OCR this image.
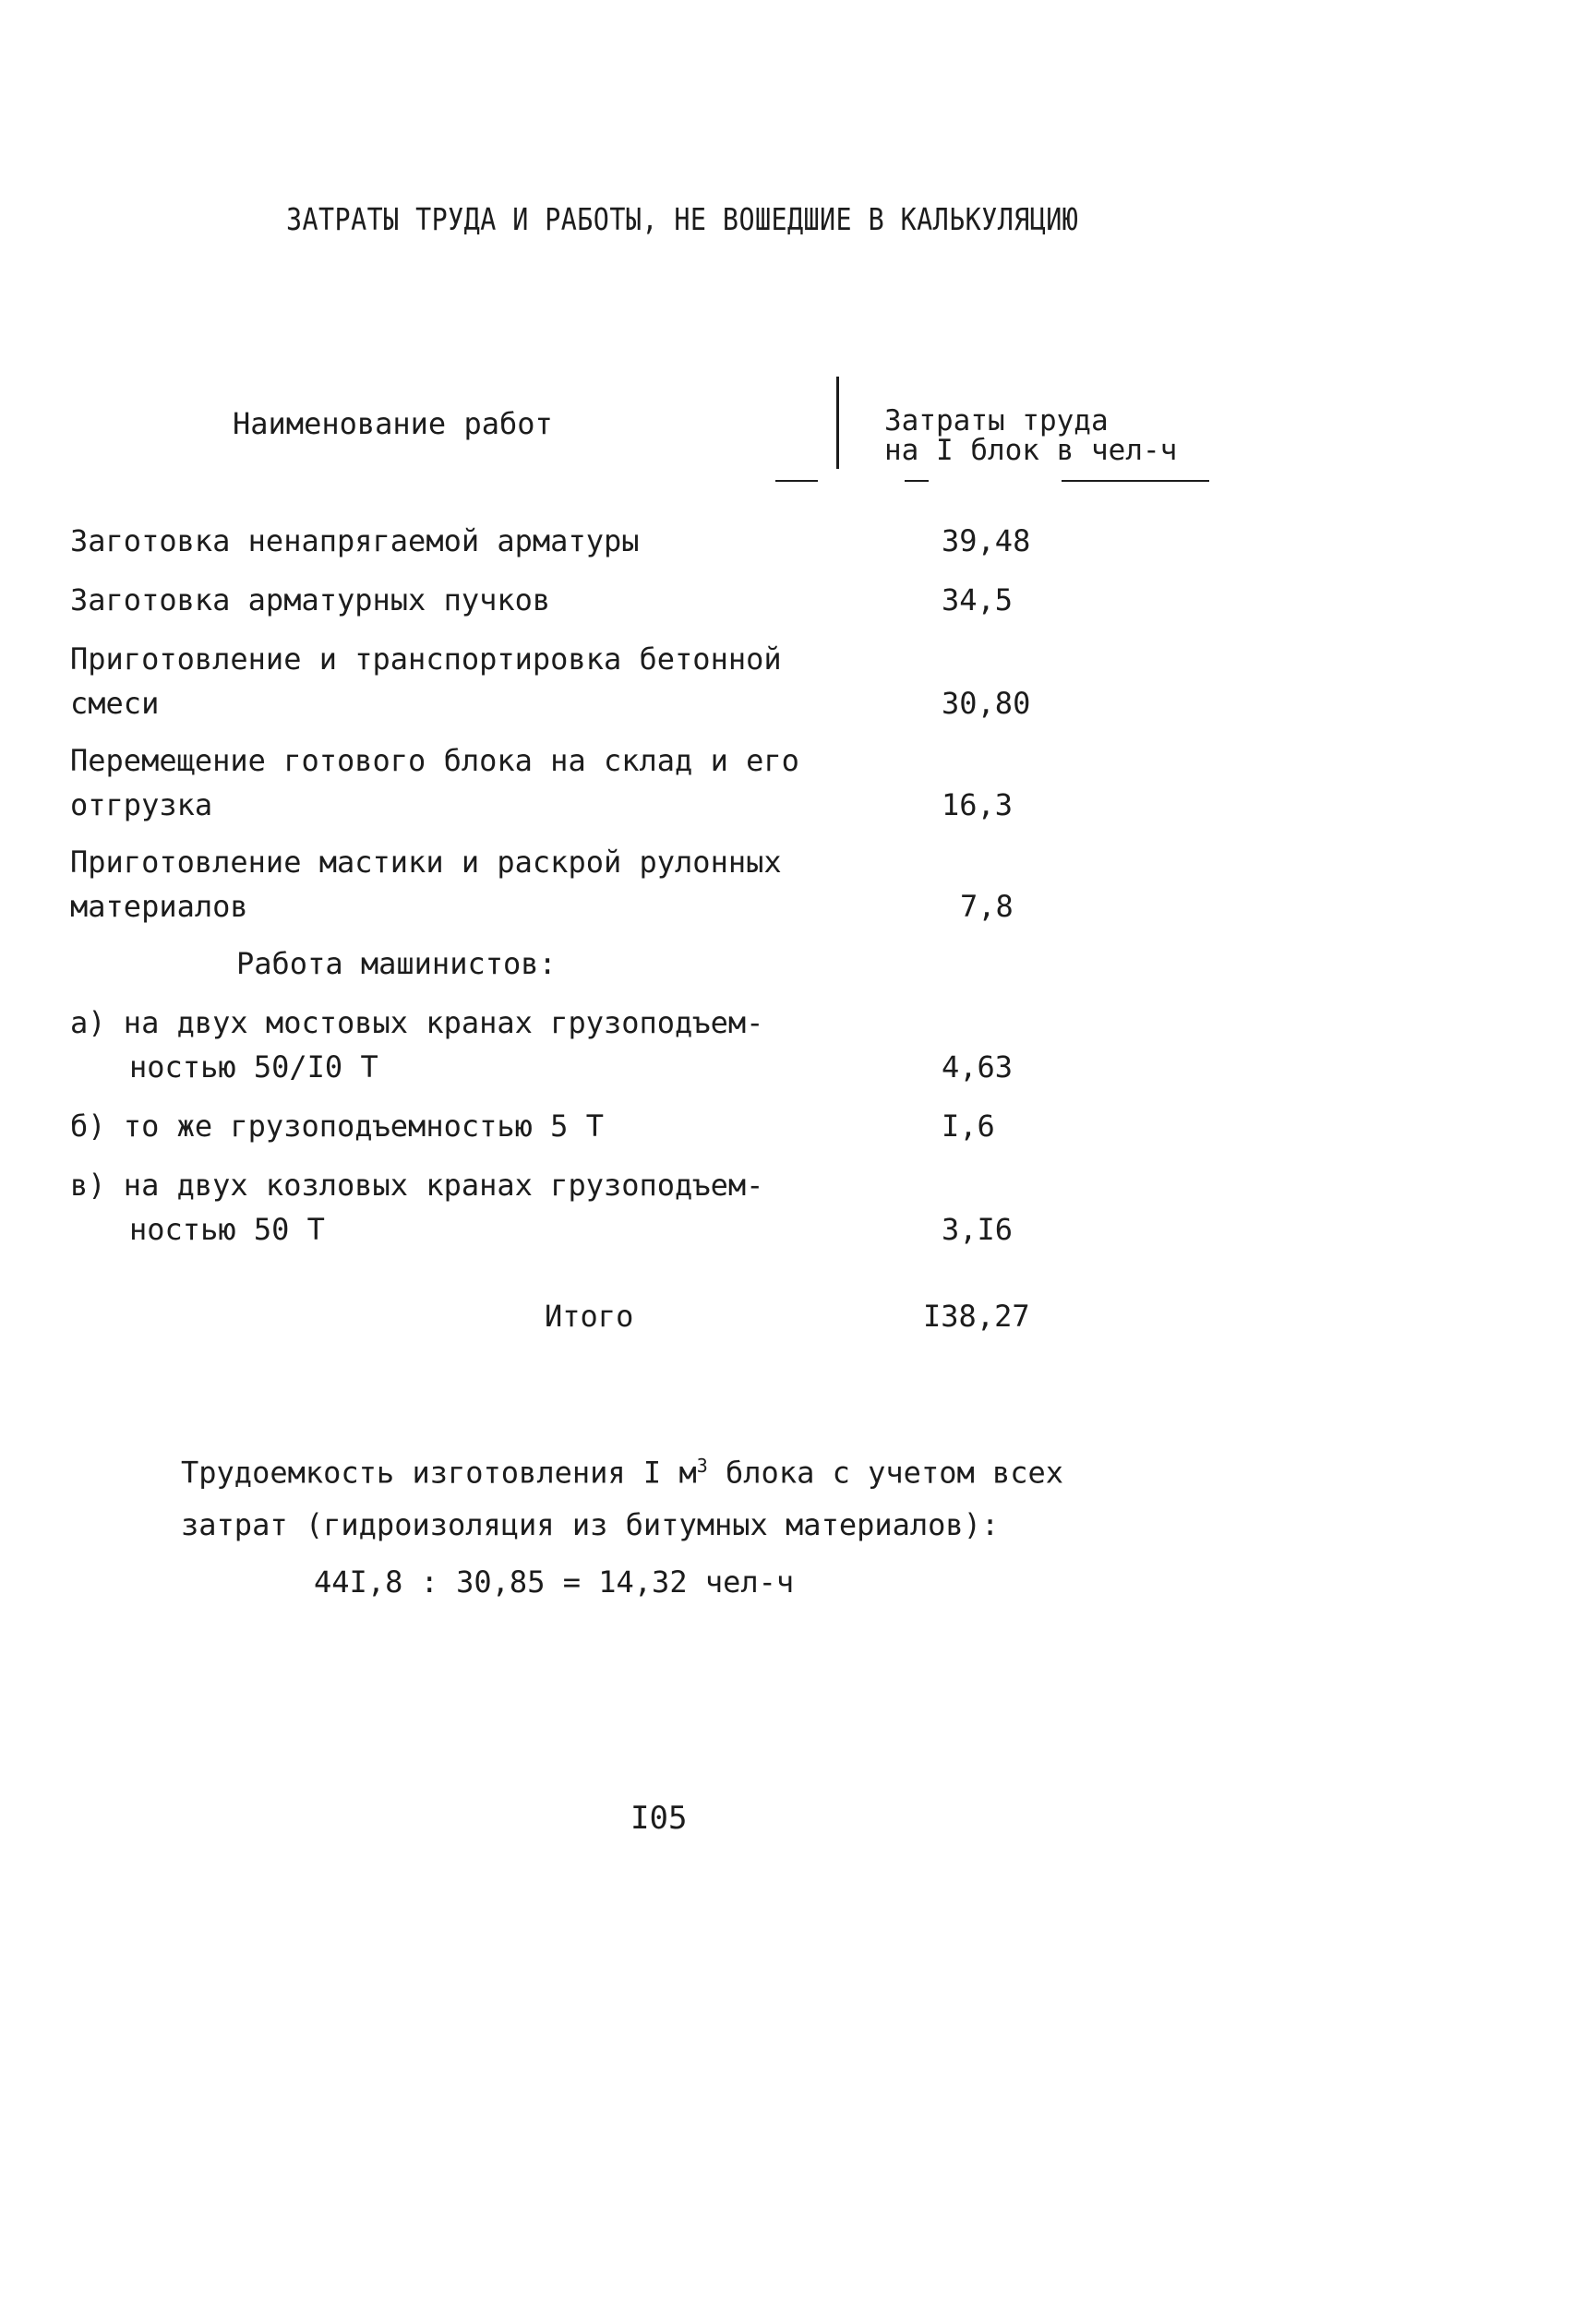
ЗАТРАТЫ ТРУДА И РАБОТЫ, НЕ ВОШЕДШИЕ В КАЛЬКУЛЯЦИЮ
Наименование работ	Затраты труда
на I блок в чел-ч
Заготовка ненапрягаемой арматуры	39,48
Заготовка арматурных пучков	34,5
Приготовление и транспортировка бетонной
смеси	30,80
Перемещение готового блока на склад и его
отгрузка	16,3
Приготовление мастики и раскрой рулонных
материалов	7,8
Работа машинистов:
а) на двух мостовых кранах грузоподъем-
ностью 50/I0 Т	4,63
б) то же грузоподъемностью 5 Т	I,6
в) на двух козловых кранах грузоподъем-
ностью 50 Т	3,I6
Итого	I38,27
Трудоемкость изготовления I $м^3$ блока с учетом всех
затрат (гидроизоляция из битумных материалов):
44I,8 : 30,85 = 14,32 чел-ч
I05
